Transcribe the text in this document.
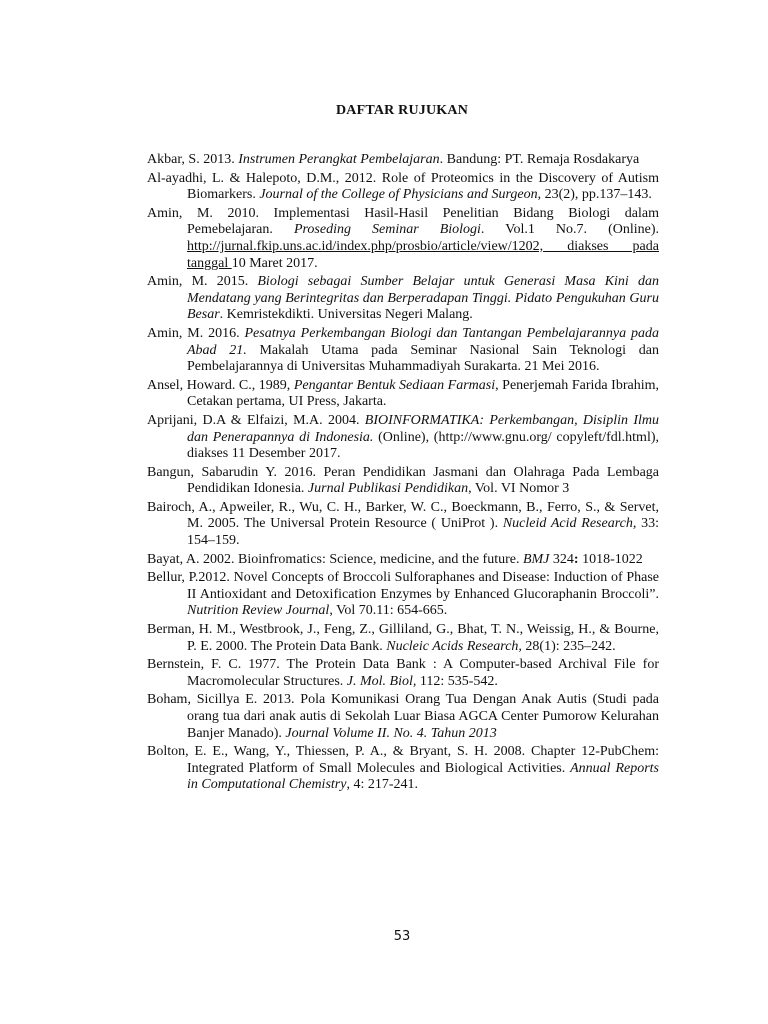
DAFTAR RUJUKAN

Akbar, S. 2013. Instrumen Perangkat Pembelajaran. Bandung: PT. Remaja Rosdakarya

Al-ayadhi, L. & Halepoto, D.M., 2012. Role of Proteomics in the Discovery of Autism Biomarkers. Journal of the College of Physicians and Surgeon, 23(2), pp.137–143.

Amin, M. 2010. Implementasi Hasil-Hasil Penelitian Bidang Biologi dalam Pemebelajaran. Proseding Seminar Biologi. Vol.1 No.7. (Online). http://jurnal.fkip.uns.ac.id/index.php/prosbio/article/view/1202, diakses pada tanggal 10 Maret 2017.

Amin, M. 2015. Biologi sebagai Sumber Belajar untuk Generasi Masa Kini dan Mendatang yang Berintegritas dan Berperadapan Tinggi. Pidato Pengukuhan Guru Besar. Kemristekdikti. Universitas Negeri Malang.

Amin, M. 2016. Pesatnya Perkembangan Biologi dan Tantangan Pembelajarannya pada Abad 21. Makalah Utama pada Seminar Nasional Sain Teknologi dan Pembelajarannya di Universitas Muhammadiyah Surakarta. 21 Mei 2016.

Ansel, Howard. C., 1989, Pengantar Bentuk Sediaan Farmasi, Penerjemah Farida Ibrahim, Cetakan pertama, UI Press, Jakarta.

Aprijani, D.A & Elfaizi, M.A. 2004. BIOINFORMATIKA: Perkembangan, Disiplin Ilmu dan Penerapannya di Indonesia. (Online), (http://www.gnu.org/ copyleft/fdl.html), diakses 11 Desember 2017.

Bangun, Sabarudin Y. 2016. Peran Pendidikan Jasmani dan Olahraga Pada Lembaga Pendidikan Idonesia. Jurnal Publikasi Pendidikan, Vol. VI Nomor 3

Bairoch, A., Apweiler, R., Wu, C. H., Barker, W. C., Boeckmann, B., Ferro, S., & Servet, M. 2005. The Universal Protein Resource ( UniProt ). Nucleid Acid Research, 33: 154–159.

Bayat, A. 2002. Bioinfromatics: Science, medicine, and the future. BMJ 324: 1018-1022

Bellur, P.2012. Novel Concepts of Broccoli Sulforaphanes and Disease: Induction of Phase II Antioxidant and Detoxification Enzymes by Enhanced Glucoraphanin Broccoli”. Nutrition Review Journal, Vol 70.11: 654-665.

Berman, H. M., Westbrook, J., Feng, Z., Gilliland, G., Bhat, T. N., Weissig, H., & Bourne, P. E. 2000. The Protein Data Bank. Nucleic Acids Research, 28(1): 235–242.

Bernstein, F. C. 1977. The Protein Data Bank : A Computer-based Archival File for Macromolecular Structures. J. Mol. Biol, 112: 535-542.

Boham, Sicillya E. 2013. Pola Komunikasi Orang Tua Dengan Anak Autis (Studi pada orang tua dari anak autis di Sekolah Luar Biasa AGCA Center Pumorow Kelurahan Banjer Manado). Journal Volume II. No. 4. Tahun 2013

Bolton, E. E., Wang, Y., Thiessen, P. A., & Bryant, S. H. 2008. Chapter 12-PubChem: Integrated Platform of Small Molecules and Biological Activities. Annual Reports in Computational Chemistry, 4: 217-241.

53
